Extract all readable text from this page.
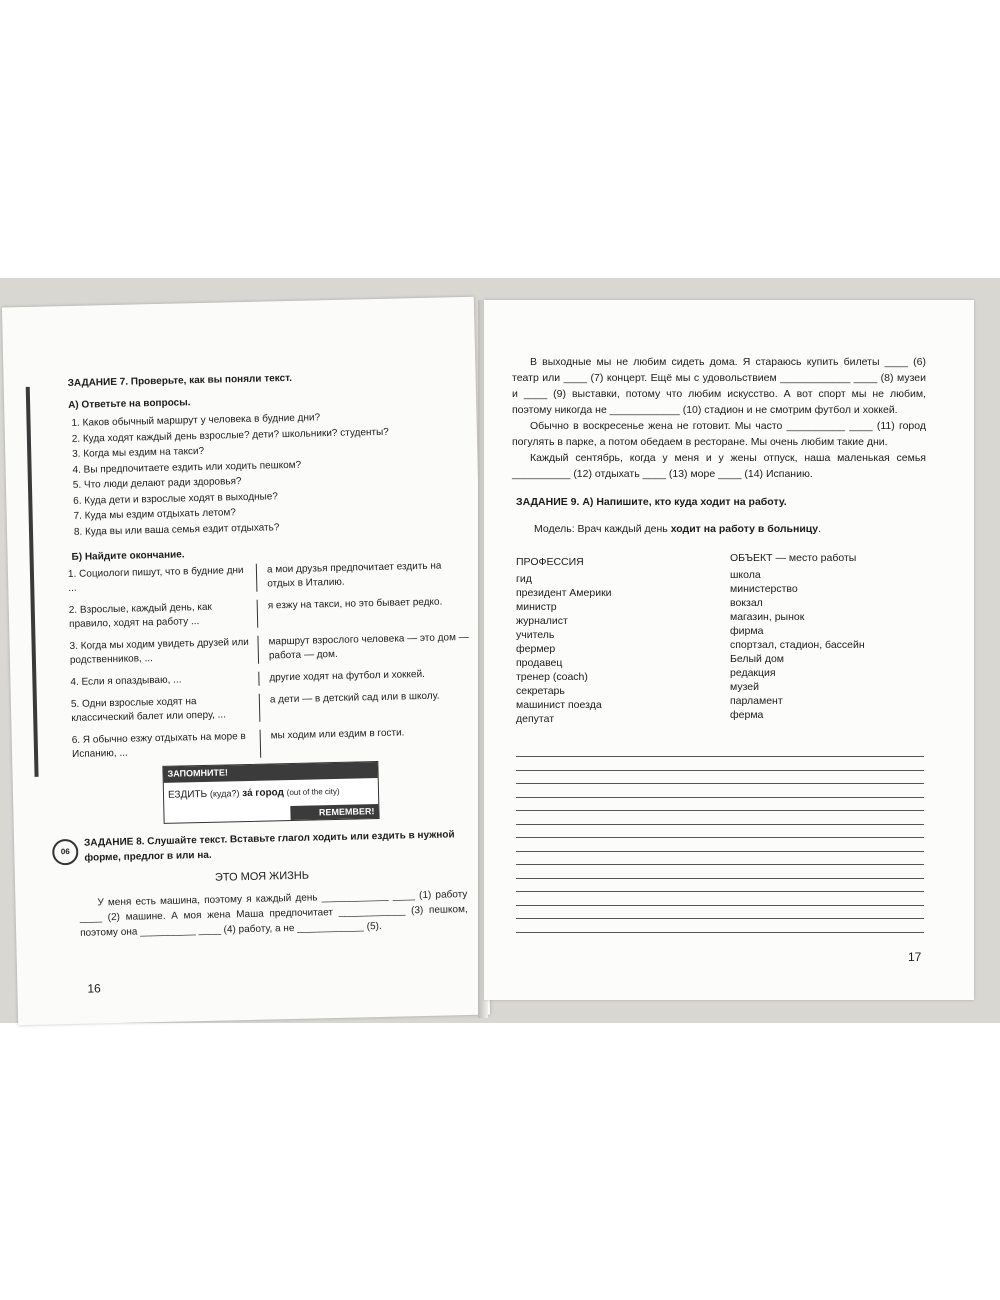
ЗАДАНИЕ 7. Проверьте, как вы поняли текст.
А) Ответьте на вопросы.
1. Каков обычный маршрут у человека в будние дни?
2. Куда ходят каждый день взрослые? дети? школьники? студенты?
3. Когда мы ездим на такси?
4. Вы предпочитаете ездить или ходить пешком?
5. Что люди делают ради здоровья?
6. Куда дети и взрослые ходят в выходные?
7. Куда мы ездим отдыхать летом?
8. Куда вы или ваша семья ездит отдыхать?
Б) Найдите окончание.
1. Социологи пишут, что в будние дни ...
а мои друзья предпочитает ездить на отдых в Италию.
2. Взрослые, каждый день, как правило, ходят на работу ...
я езжу на такси, но это бывает редко.
3. Когда мы ходим увидеть друзей или родственников, ...
маршрут взрослого человека — это дом — работа — дом.
4. Если я опаздываю, ...	другие ходят на футбол и хоккей.
5. Одни взрослые ходят на классический балет или оперу, ...
а дети — в детский сад или в школу.
6. Я обычно езжу отдыхать на море в Испанию, ...
мы ходим или ездим в гости.
ЗАПОМНИТЕ!
ЕЗДИТЬ (куда?) за́ город (out of the city)
REMEMBER!
06
ЗАДАНИЕ 8. Слушайте текст. Вставьте глагол ходить или ездить в нужной форме, предлог в или на.
ЭТО МОЯ ЖИЗНЬ
У меня есть машина, поэтому я каждый день ____________ ____ (1) работу ____ (2) машине. А моя жена Маша предпочитает ____________ (3) пешком, поэтому она __________ ____ (4) работу, а не ____________ (5).
16
В выходные мы не любим сидеть дома. Я стараюсь купить билеты ____ (6) театр или ____ (7) концерт. Ещё мы с удовольствием ____________ ____ (8) музеи и ____ (9) выставки, потому что любим искусство. А вот спорт мы не любим, поэтому никогда не ____________ (10) стадион и не смотрим футбол и хоккей.
Обычно в воскресенье жена не готовит. Мы часто __________ ____ (11) город погулять в парке, а потом обедаем в ресторане. Мы очень любим такие дни.
Каждый сентябрь, когда у меня и у жены отпуск, наша маленькая семья __________ (12) отдыхать ____ (13) море ____ (14) Испанию.
ЗАДАНИЕ 9. А) Напишите, кто куда ходит на работу.
Модель: Врач каждый день ходит на работу в больницу.
ПРОФЕССИЯ	ОБЪЕКТ — место работы
гид
президент Америки
министр
журналист
учитель
фермер
продавец
тренер (coach)
секретарь
машинист поезда
депутат
школа
министерство
вокзал
магазин, рынок
фирма
спортзал, стадион, бассейн
Белый дом
редакция
музей
парламент
ферма
17
